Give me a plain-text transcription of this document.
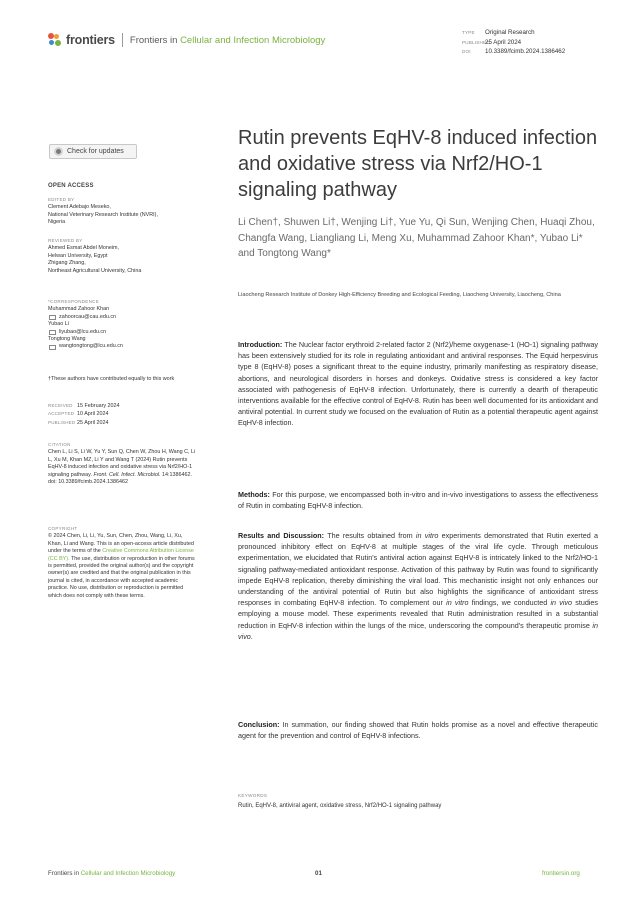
frontiers Frontiers in Cellular and Infection Microbiology
TYPE Original Research
PUBLISHED25 April 2024
DOI 10.3389/fcimb.2024.1386462
Check for updates
OPEN ACCESS
EDITED BY
Clement Adebajo Meseko,
National Veterinary Research Institute (NVRI),
Nigeria
REVIEWED BY
Ahmed Esmat Abdel Moneim,
Helwan University, Egypt
Zhigang Zhang,
Northeast Agricultural University, China
*CORRESPONDENCE
Muhammad Zahoor Khan
zahoorcau@cau.edu.cn
Yubao Li
liyubao@lcu.edu.cn
Tongtong Wang
wangtongtong@lcu.edu.cn
†These authors have contributed equally to this work
RECEIVED 15 February 2024
ACCEPTED 10 April 2024
PUBLISHED 25 April 2024
CITATION
Chen L, Li S, Li W, Yu Y, Sun Q, Chen W, Zhou H, Wang C, Li L, Xu M, Khan MZ, Li Y and Wang T (2024) Rutin prevents EqHV-8 induced infection and oxidative stress via Nrf2/HO-1 signaling pathway. Front. Cell. Infect. Microbiol. 14:1386462.
doi: 10.3389/fcimb.2024.1386462
COPYRIGHT
© 2024 Chen, Li, Li, Yu, Sun, Chen, Zhou, Wang, Li, Xu, Khan, Li and Wang. This is an open-access article distributed under the terms of the Creative Commons Attribution License (CC BY). The use, distribution or reproduction in other forums is permitted, provided the original author(s) and the copyright owner(s) are credited and that the original publication in this journal is cited, in accordance with accepted academic practice. No use, distribution or reproduction is permitted which does not comply with these terms.
Rutin prevents EqHV-8 induced infection and oxidative stress via Nrf2/HO-1 signaling pathway
Li Chen†, Shuwen Li†, Wenjing Li†, Yue Yu, Qi Sun, Wenjing Chen, Huaqi Zhou, Changfa Wang, Liangliang Li, Meng Xu, Muhammad Zahoor Khan*, Yubao Li* and Tongtong Wang*
Liaocheng Research Institute of Donkey High-Efficiency Breeding and Ecological Feeding, Liaocheng University, Liaocheng, China
Introduction: The Nuclear factor erythroid 2-related factor 2 (Nrf2)/heme oxygenase-1 (HO-1) signaling pathway has been extensively studied for its role in regulating antioxidant and antiviral responses. The Equid herpesvirus type 8 (EqHV-8) poses a significant threat to the equine industry, primarily manifesting as respiratory disease, abortions, and neurological disorders in horses and donkeys. Oxidative stress is considered a key factor associated with pathogenesis of EqHV-8 infection. Unfortunately, there is currently a dearth of therapeutic interventions available for the effective control of EqHV-8. Rutin has been well documented for its antioxidant and antiviral potential. In current study we focused on the evaluation of Rutin as a potential therapeutic agent against EqHV-8 infection.
Methods: For this purpose, we encompassed both in-vitro and in-vivo investigations to assess the effectiveness of Rutin in combating EqHV-8 infection.
Results and Discussion: The results obtained from in vitro experiments demonstrated that Rutin exerted a pronounced inhibitory effect on EqHV-8 at multiple stages of the viral life cycle. Through meticulous experimentation, we elucidated that Rutin's antiviral action against EqHV-8 is intricately linked to the Nrf2/HO-1 signaling pathway-mediated antioxidant response. Activation of this pathway by Rutin was found to significantly impede EqHV-8 replication, thereby diminishing the viral load. This mechanistic insight not only enhances our understanding of the antiviral potential of Rutin but also highlights the significance of antioxidant stress responses in combating EqHV-8 infection. To complement our in vitro findings, we conducted in vivo studies employing a mouse model. These experiments revealed that Rutin administration resulted in a substantial reduction in EqHV-8 infection within the lungs of the mice, underscoring the compound's therapeutic promise in vivo.
Conclusion: In summation, our finding showed that Rutin holds promise as a novel and effective therapeutic agent for the prevention and control of EqHV-8 infections.
KEYWORDS
Rutin, EqHV-8, antiviral agent, oxidative stress, Nrf2/HO-1 signaling pathway
Frontiers in Cellular and Infection Microbiology	01	frontiersin.org
